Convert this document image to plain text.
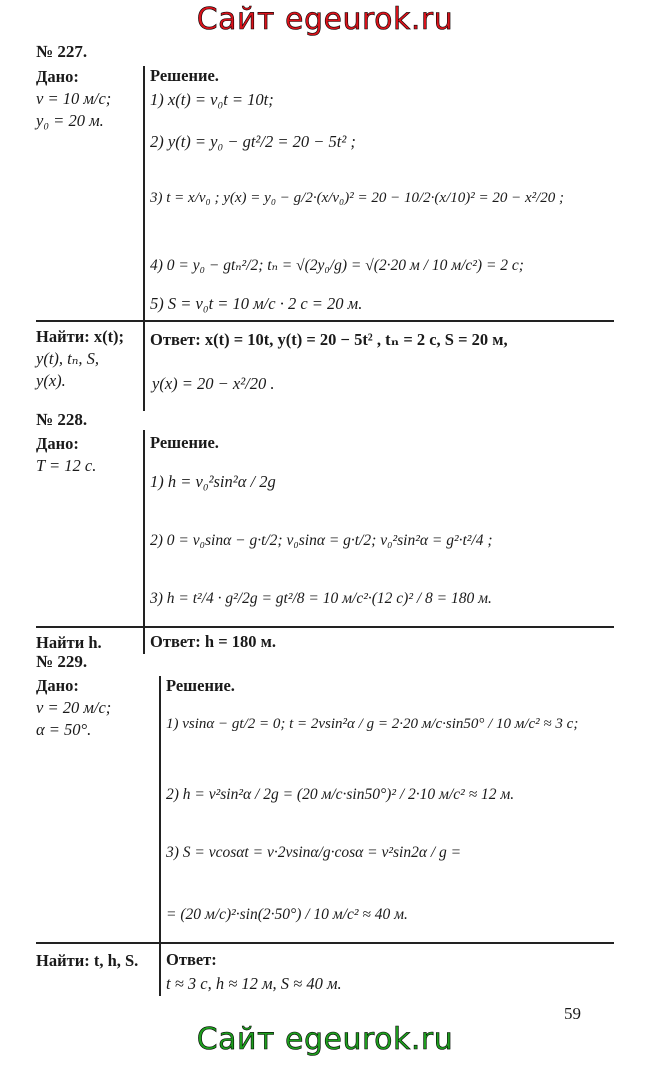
Сайт egeurok.ru
№ 227.
Дано:
v = 10 м/с;
y₀ = 20 м.
Решение.
1) x(t) = v₀t = 10t;
2) y(t) = y₀ − gt²/2 = 20 − 5t² ;
3) t = x/v₀ ; y(x) = y₀ − g/2·(x/v₀)² = 20 − 10/2·(x/10)² = 20 − x²/20 ;
4) 0 = y₀ − gtₙ²/2; tₙ = √(2y₀/g) = √(2·20 м / 10 м/с²) = 2 с;
5) S = v₀t = 10 м/с · 2 с = 20 м.
Найти: x(t);
y(t), tₙ, S,
y(x).
Ответ: x(t) = 10t, y(t) = 20 − 5t² , tₙ = 2 с, S = 20 м,
y(x) = 20 − x²/20 .
№ 228.
Дано:
T = 12 с.
Решение.
1) h = v₀²sin²α / 2g
2) 0 = v₀sinα − g·t/2; v₀sinα = g·t/2; v₀²sin²α = g²·t²/4 ;
3) h = t²/4 · g²/2g = gt²/8 = 10 м/с²·(12 с)² / 8 = 180 м.
Найти h.	Ответ: h = 180 м.
№ 229.
Дано:
v = 20 м/с;
α = 50°.
Решение.
1) vsinα − gt/2 = 0; t = 2vsin²α / g = 2·20 м/с·sin50° / 10 м/с² ≈ 3 с;
2) h = v²sin²α / 2g = (20 м/с·sin50°)² / 2·10 м/с² ≈ 12 м.
3) S = vcosαt = v·2vsinα/g·cosα = v²sin2α / g =
= (20 м/с)²·sin(2·50°) / 10 м/с² ≈ 40 м.
Найти: t, h, S. Ответ:
t ≈ 3 с, h ≈ 12 м, S ≈ 40 м.
59
Сайт egeurok.ru
